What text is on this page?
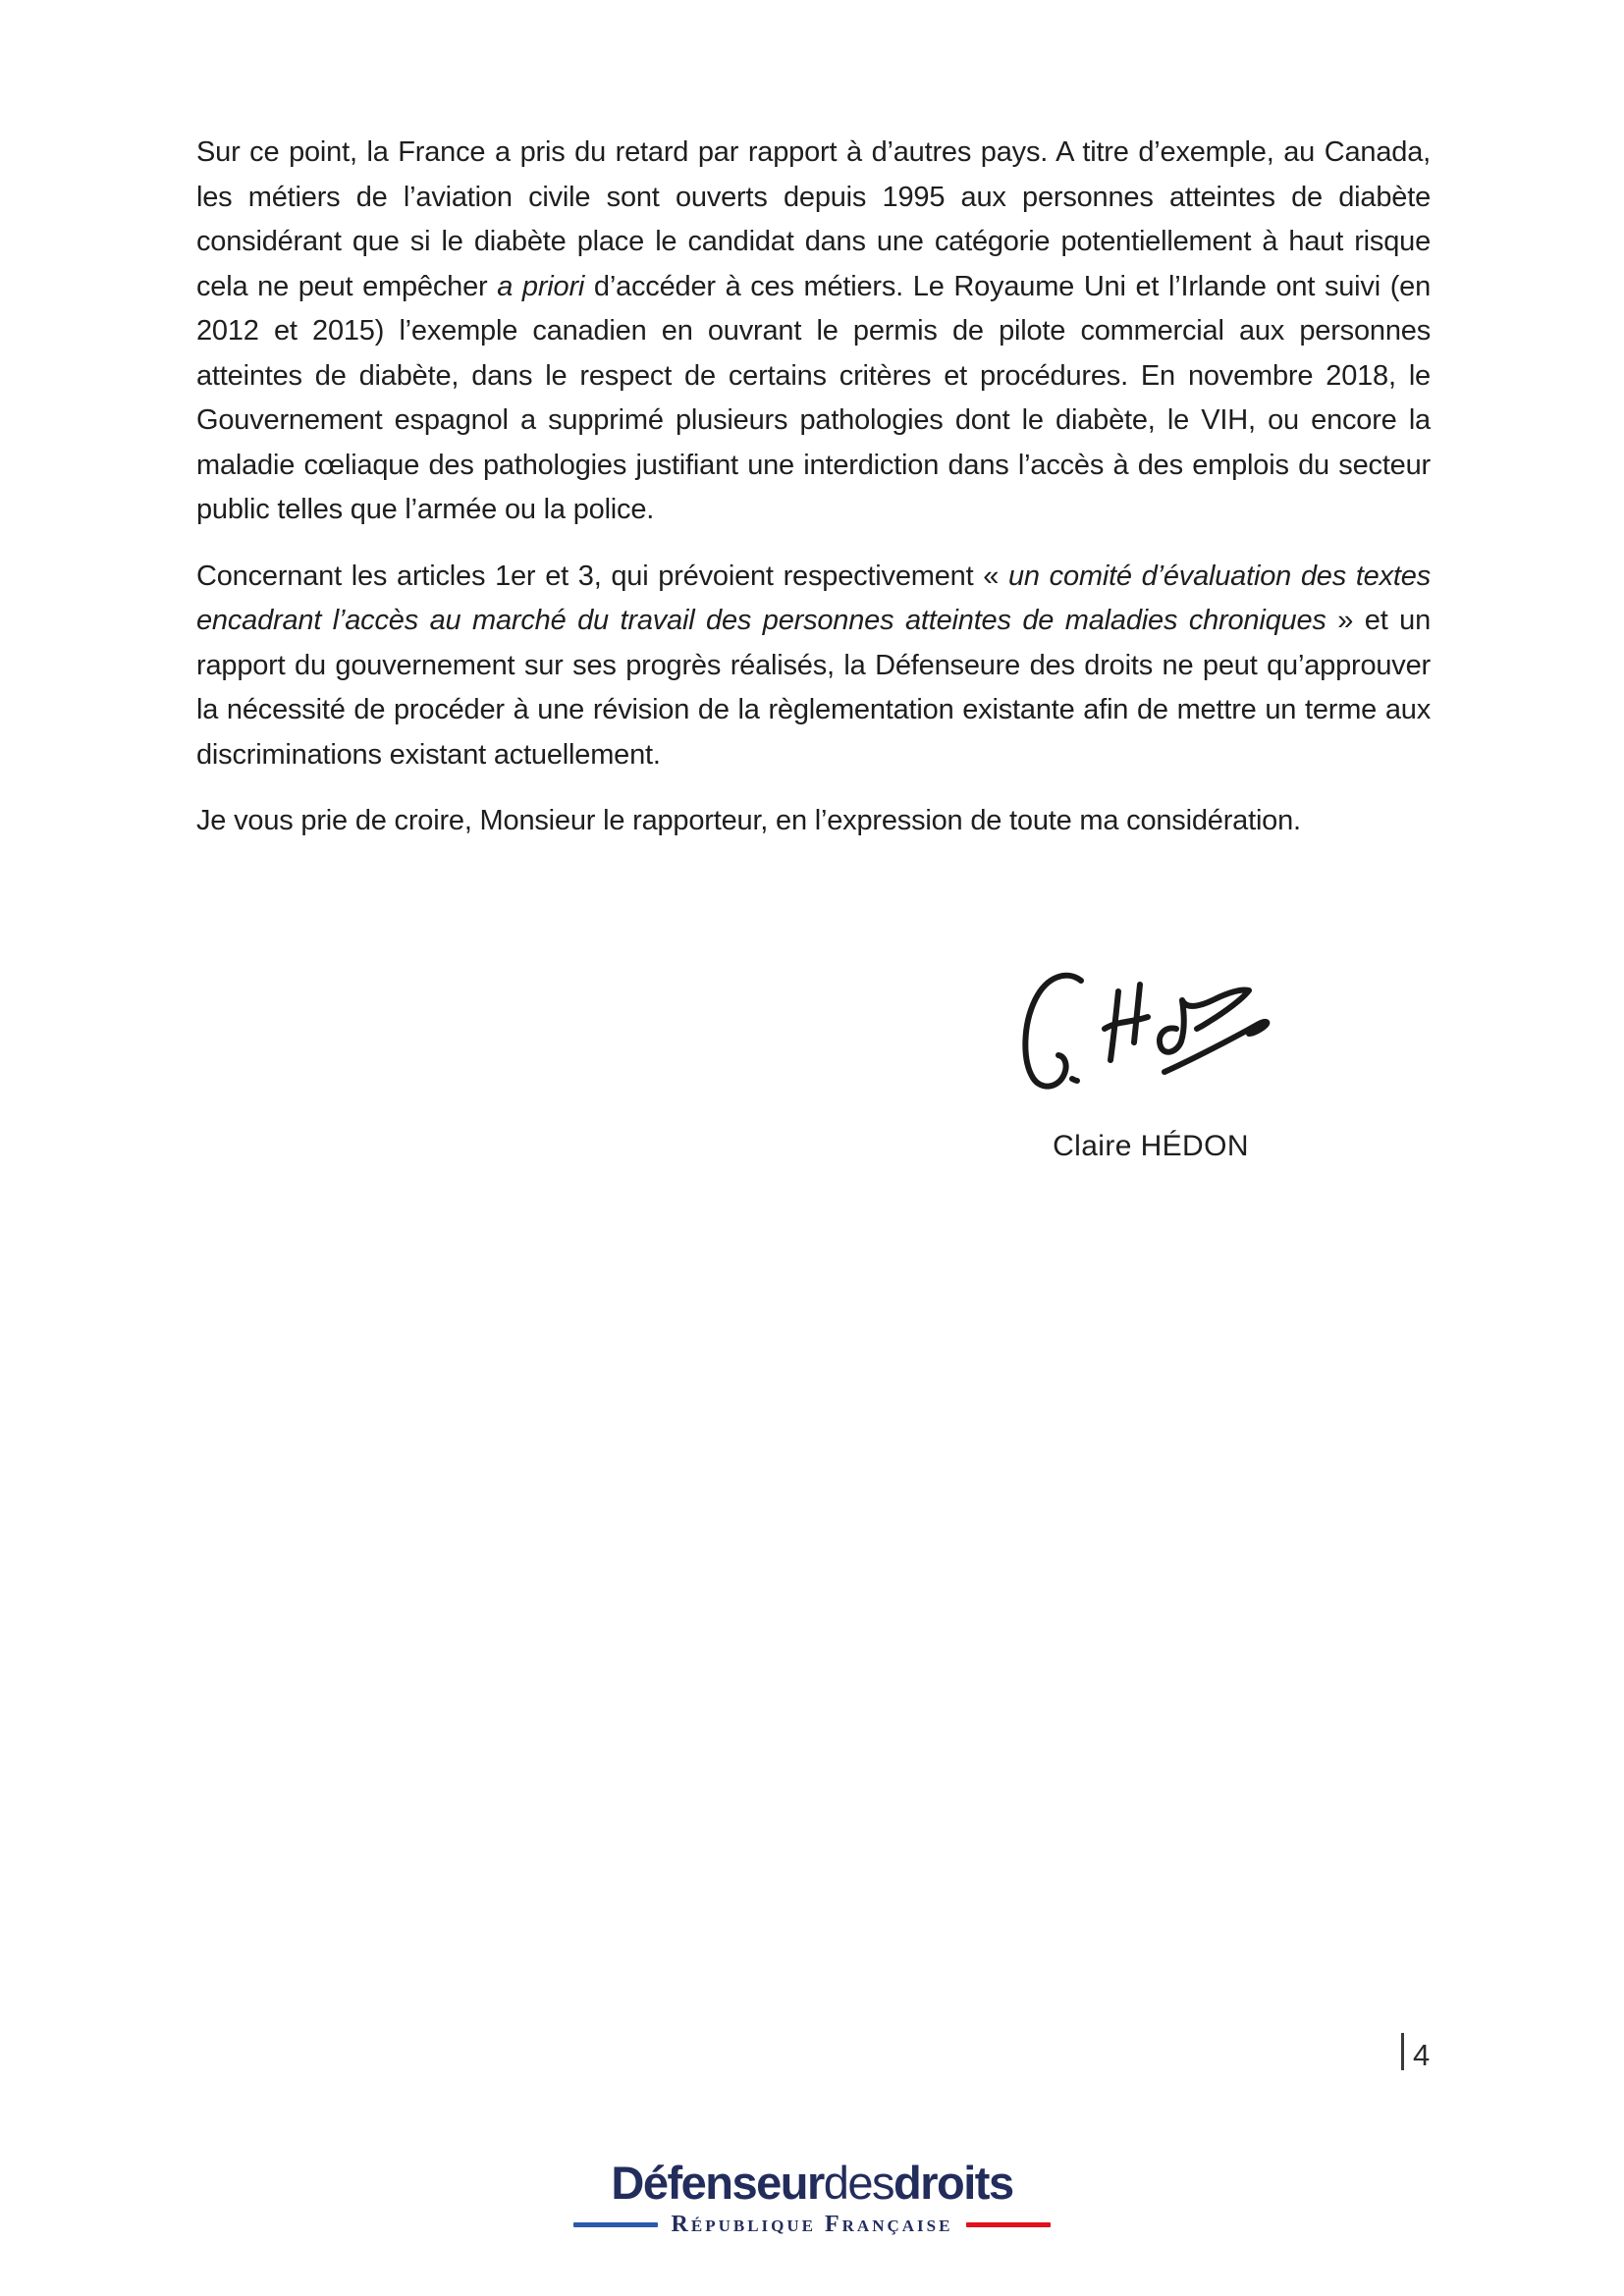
Sur ce point, la France a pris du retard par rapport à d’autres pays. A titre d’exemple, au Canada, les métiers de l’aviation civile sont ouverts depuis 1995 aux personnes atteintes de diabète considérant que si le diabète place le candidat dans une catégorie potentiellement à haut risque cela ne peut empêcher a priori d’accéder à ces métiers. Le Royaume Uni et l’Irlande ont suivi (en 2012 et 2015) l’exemple canadien en ouvrant le permis de pilote commercial aux personnes atteintes de diabète, dans le respect de certains critères et procédures. En novembre 2018, le Gouvernement espagnol a supprimé plusieurs pathologies dont le diabète, le VIH, ou encore la maladie cœliaque des pathologies justifiant une interdiction dans l’accès à des emplois du secteur public telles que l’armée ou la police.

Concernant les articles 1er et 3, qui prévoient respectivement « un comité d’évaluation des textes encadrant l’accès au marché du travail des personnes atteintes de maladies chroniques » et un rapport du gouvernement sur ses progrès réalisés, la Défenseure des droits ne peut qu’approuver la nécessité de procéder à une révision de la règlementation existante afin de mettre un terme aux discriminations existant actuellement.

Je vous prie de croire, Monsieur le rapporteur, en l’expression de toute ma considération.

Claire HÉDON
4
Défenseurdesdroits
République Française
